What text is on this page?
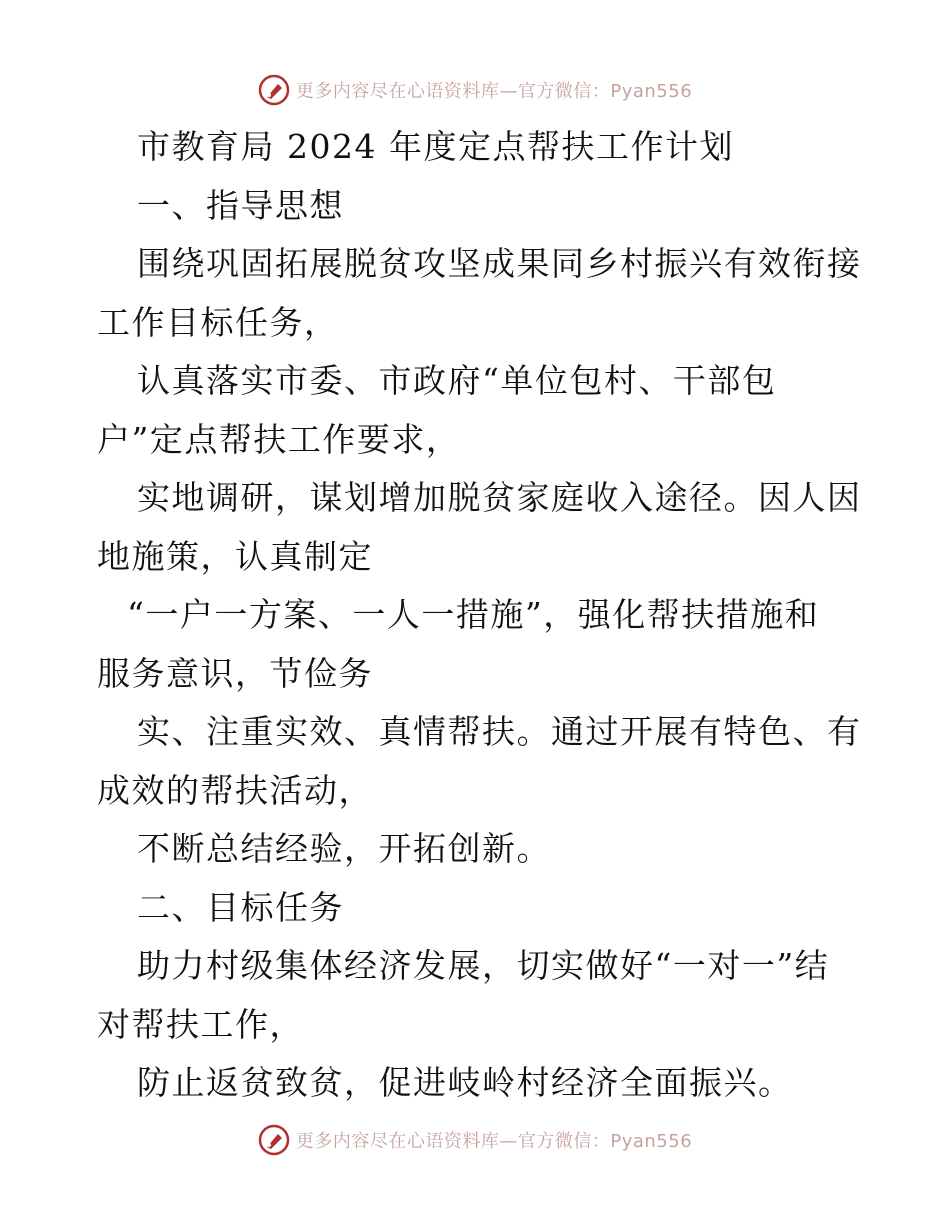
更多内容尽在心语资料库—官方微信：Pyan556
市教育局 2024 年度定点帮扶工作计划
一、指导思想
围绕巩固拓展脱贫攻坚成果同乡村振兴有效衔接
工作目标任务，
认真落实市委、市政府“单位包村、干部包
户”定点帮扶工作要求，
实地调研，谋划增加脱贫家庭收入途径。因人因
地施策，认真制定
“一户一方案、一人一措施”，强化帮扶措施和
服务意识，节俭务
实、注重实效、真情帮扶。通过开展有特色、有
成效的帮扶活动，
不断总结经验，开拓创新。
二、目标任务
助力村级集体经济发展，切实做好“一对一”结
对帮扶工作，
防止返贫致贫，促进岐岭村经济全面振兴。
更多内容尽在心语资料库—官方微信：Pyan556
